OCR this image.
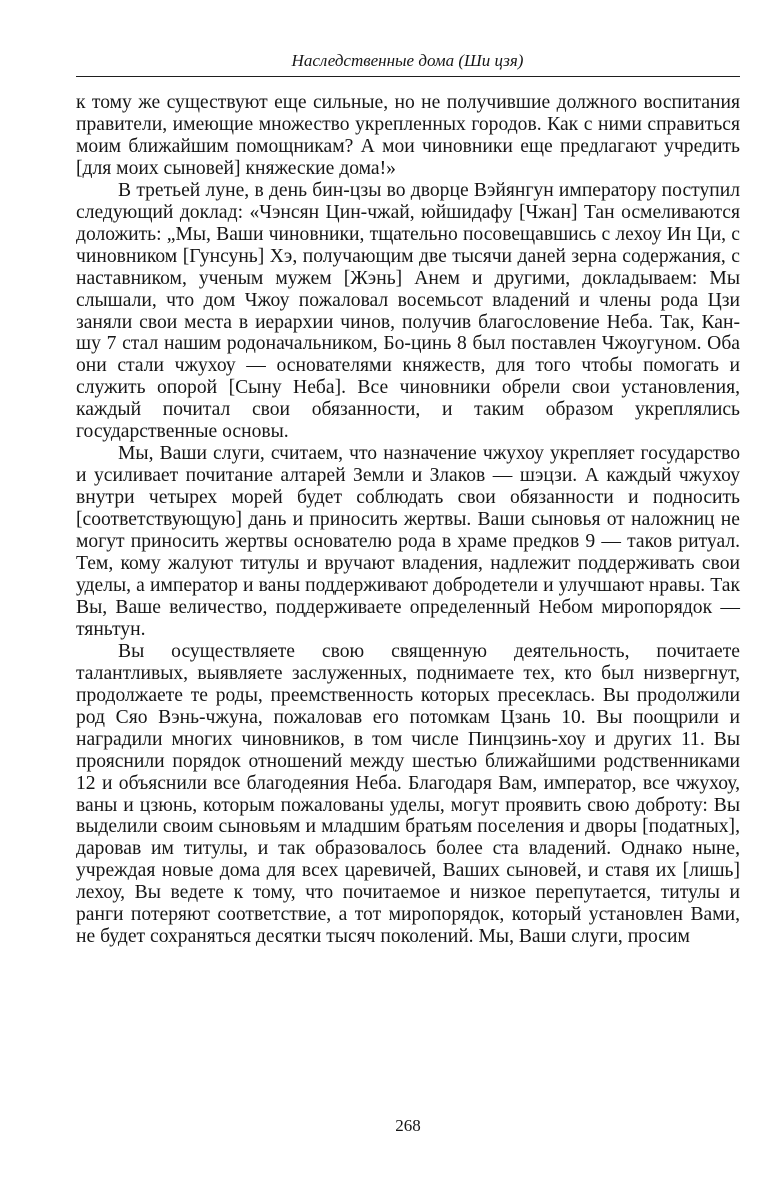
Наследственные дома (Ши цзя)

к тому же существуют еще сильные, но не получившие должного воспитания правители, имеющие множество укрепленных городов. Как с ними справиться моим ближайшим помощникам? А мои чиновники еще предлагают учредить [для моих сыновей] княжеские дома!»

В третьей луне, в день бин-цзы во дворце Вэйянгун императору поступил следующий доклад: «Чэнсян Цин-чжай, юйшидафу [Чжан] Тан осмеливаются доложить: „Мы, Ваши чиновники, тщательно посовещавшись с лехоу Ин Ци, с чиновником [Гунсунь] Хэ, получающим две тысячи даней зерна содержания, с наставником, ученым мужем [Жэнь] Анем и другими, докладываем: Мы слышали, что дом Чжоу пожаловал восемьсот владений и члены рода Цзи заняли свои места в иерархии чинов, получив благословение Неба. Так, Кан-шу 7 стал нашим родоначальником, Бо-цинь 8 был поставлен Чжоугуном. Оба они стали чжухоу — основателями княжеств, для того чтобы помогать и служить опорой [Сыну Неба]. Все чиновники обрели свои установления, каждый почитал свои обязанности, и таким образом укреплялись государственные основы.

Мы, Ваши слуги, считаем, что назначение чжухоу укрепляет государство и усиливает почитание алтарей Земли и Злаков — шэцзи. А каждый чжухоу внутри четырех морей будет соблюдать свои обязанности и подносить [соответствующую] дань и приносить жертвы. Ваши сыновья от наложниц не могут приносить жертвы основателю рода в храме предков 9 — таков ритуал. Тем, кому жалуют титулы и вручают владения, надлежит поддерживать свои уделы, а император и ваны поддерживают добродетели и улучшают нравы. Так Вы, Ваше величество, поддерживаете определенный Небом миропорядок — тяньтун.

Вы осуществляете свою священную деятельность, почитаете талантливых, выявляете заслуженных, поднимаете тех, кто был низвергнут, продолжаете те роды, преемственность которых пресеклась. Вы продолжили род Сяо Вэнь-чжуна, пожаловав его потомкам Цзань 10. Вы поощрили и наградили многих чиновников, в том числе Пинцзинь-хоу и других 11. Вы прояснили порядок отношений между шестью ближайшими родственниками 12 и объяснили все благодеяния Неба. Благодаря Вам, император, все чжухоу, ваны и цзюнь, которым пожалованы уделы, могут проявить свою доброту: Вы выделили своим сыновьям и младшим братьям поселения и дворы [податных], даровав им титулы, и так образовалось более ста владений. Однако ныне, учреждая новые дома для всех царевичей, Ваших сыновей, и ставя их [лишь] лехоу, Вы ведете к тому, что почитаемое и низкое перепутается, титулы и ранги потеряют соответствие, а тот миропорядок, который установлен Вами, не будет сохраняться десятки тысяч поколений. Мы, Ваши слуги, просим

268
